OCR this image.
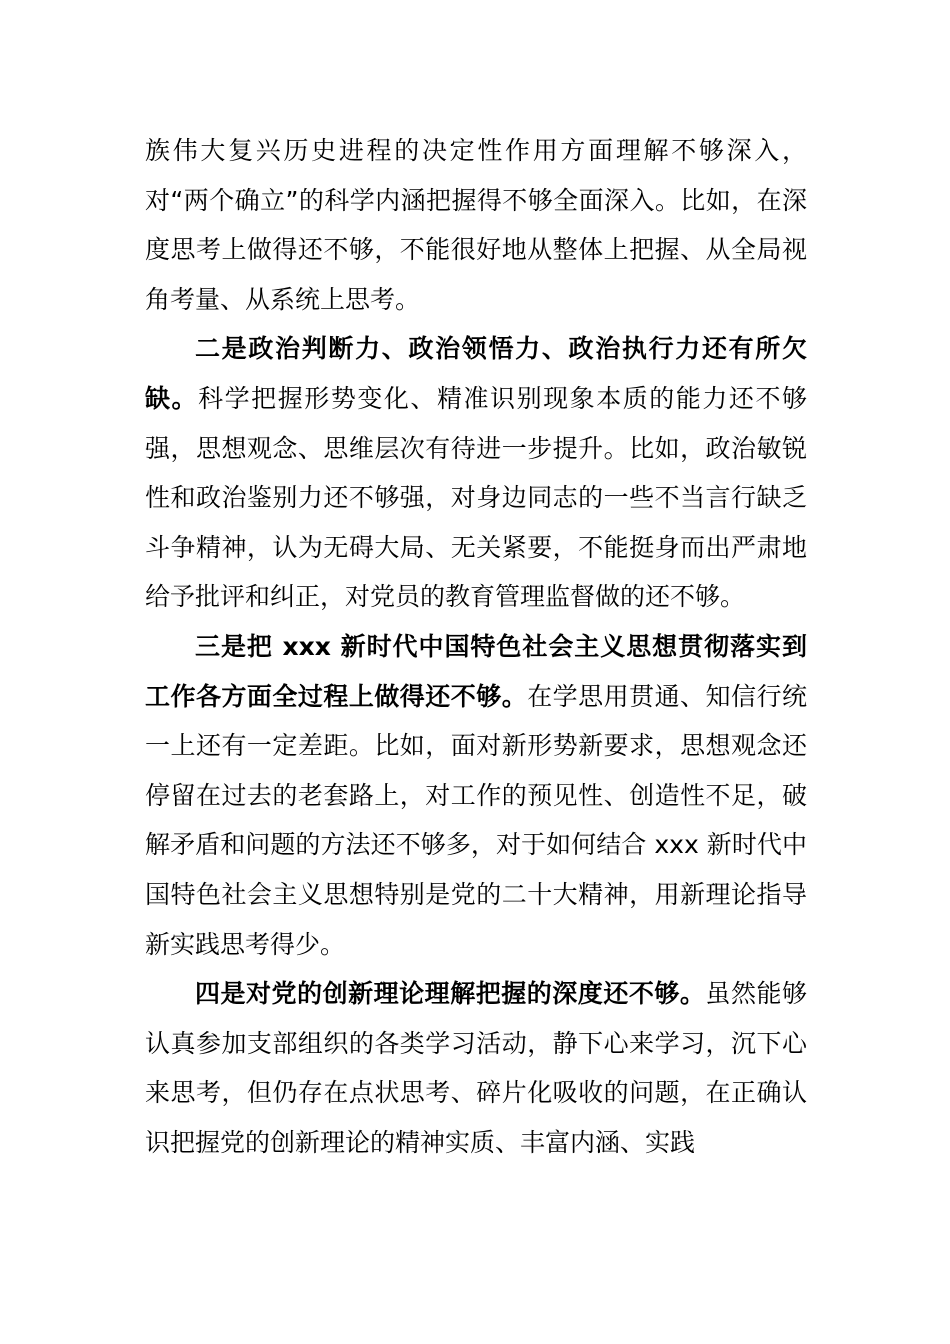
族伟大复兴历史进程的决定性作用方面理解不够深入，对“两个确立”的科学内涵把握得不够全面深入。比如，在深度思考上做得还不够，不能很好地从整体上把握、从全局视角考量、从系统上思考。

二是政治判断力、政治领悟力、政治执行力还有所欠缺。科学把握形势变化、精准识别现象本质的能力还不够强，思想观念、思维层次有待进一步提升。比如，政治敏锐性和政治鉴别力还不够强，对身边同志的一些不当言行缺乏斗争精神，认为无碍大局、无关紧要，不能挺身而出严肃地给予批评和纠正，对党员的教育管理监督做的还不够。

三是把 xxx 新时代中国特色社会主义思想贯彻落实到工作各方面全过程上做得还不够。在学思用贯通、知信行统一上还有一定差距。比如，面对新形势新要求，思想观念还停留在过去的老套路上，对工作的预见性、创造性不足，破解矛盾和问题的方法还不够多，对于如何结合 xxx 新时代中国特色社会主义思想特别是党的二十大精神，用新理论指导新实践思考得少。

四是对党的创新理论理解把握的深度还不够。虽然能够认真参加支部组织的各类学习活动，静下心来学习，沉下心来思考，但仍存在点状思考、碎片化吸收的问题，在正确认识把握党的创新理论的精神实质、丰富内涵、实践
